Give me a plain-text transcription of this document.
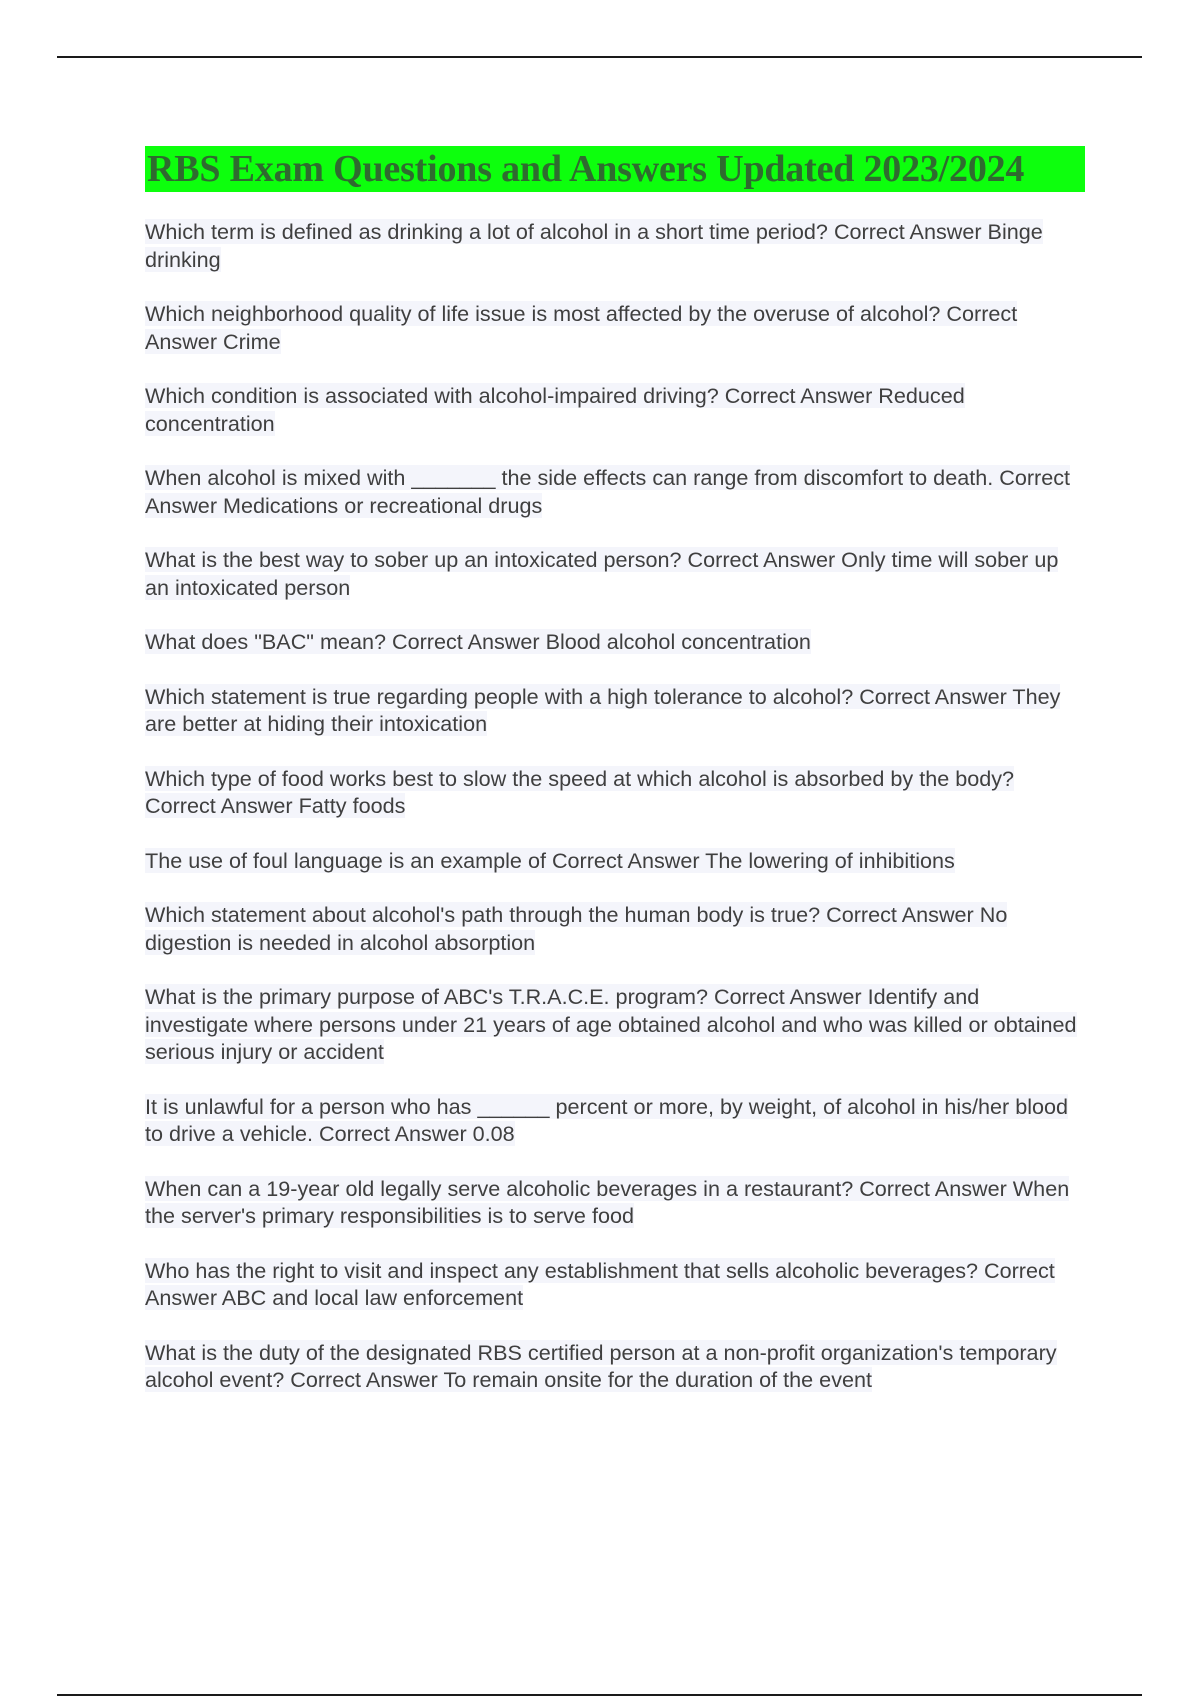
RBS Exam Questions and Answers Updated 2023/2024

Which term is defined as drinking a lot of alcohol in a short time period? Correct Answer Binge drinking

Which neighborhood quality of life issue is most affected by the overuse of alcohol? Correct Answer Crime

Which condition is associated with alcohol-impaired driving? Correct Answer Reduced concentration

When alcohol is mixed with _______ the side effects can range from discomfort to death. Correct Answer Medications or recreational drugs

What is the best way to sober up an intoxicated person? Correct Answer Only time will sober up an intoxicated person

What does "BAC" mean? Correct Answer Blood alcohol concentration

Which statement is true regarding people with a high tolerance to alcohol? Correct Answer They are better at hiding their intoxication

Which type of food works best to slow the speed at which alcohol is absorbed by the body? Correct Answer Fatty foods

The use of foul language is an example of Correct Answer The lowering of inhibitions

Which statement about alcohol's path through the human body is true? Correct Answer No digestion is needed in alcohol absorption

What is the primary purpose of ABC's T.R.A.C.E. program? Correct Answer Identify and investigate where persons under 21 years of age obtained alcohol and who was killed or obtained serious injury or accident

It is unlawful for a person who has ______ percent or more, by weight, of alcohol in his/her blood to drive a vehicle. Correct Answer 0.08

When can a 19-year old legally serve alcoholic beverages in a restaurant? Correct Answer When the server's primary responsibilities is to serve food

Who has the right to visit and inspect any establishment that sells alcoholic beverages? Correct Answer ABC and local law enforcement

What is the duty of the designated RBS certified person at a non-profit organization's temporary alcohol event? Correct Answer To remain onsite for the duration of the event
